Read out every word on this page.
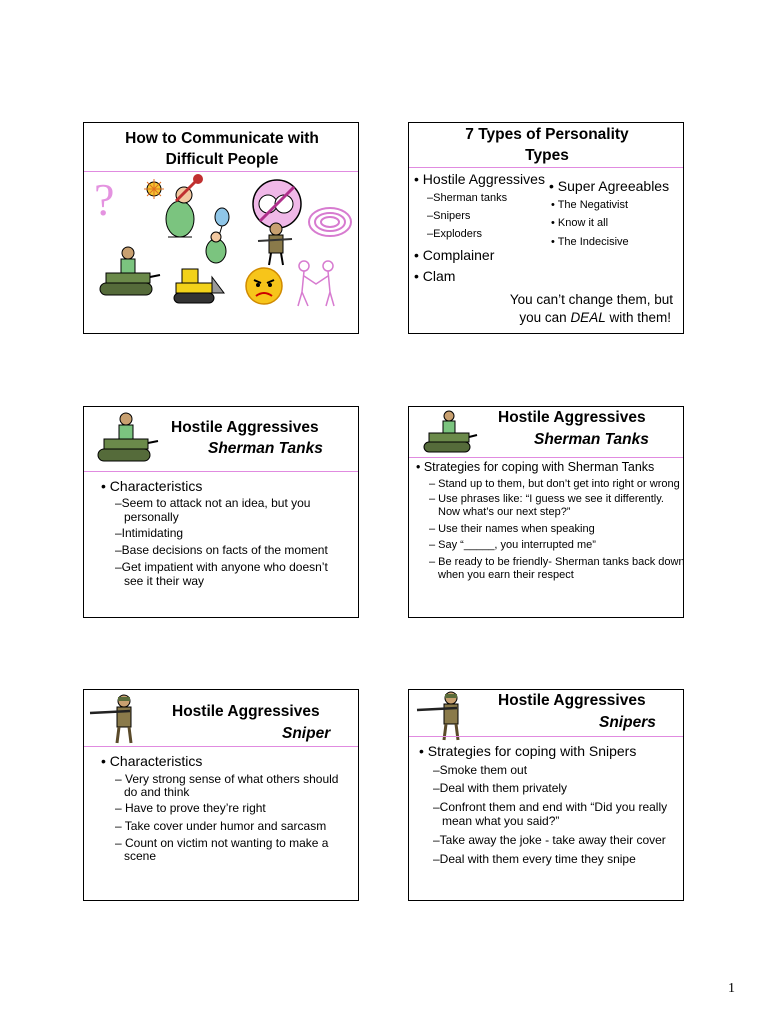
How to Communicate with
Difficult People
?
7 Types of Personality
Types
• Hostile Aggressives
–Sherman tanks
–Snipers
–Exploders
• Complainer
• Clam
• Super Agreeables
• The Negativist
• Know it all
• The Indecisive
You can’t change them, but
you can DEAL with them!
Hostile Aggressives
Sherman Tanks
• Characteristics
–Seem to attack not an idea, but you
personally
–Intimidating
–Base decisions on facts of the moment
–Get impatient with anyone who doesn’t
see it their way
Hostile Aggressives
Sherman Tanks
• Strategies for coping with Sherman Tanks
– Stand up to them, but don’t get into right or wrong
– Use phrases like: “I guess we see it differently.
Now what’s our next step?”
– Use their names when speaking
– Say “_____, you interrupted me”
– Be ready to be friendly- Sherman tanks back down
when you earn their respect
Hostile Aggressives
Sniper
• Characteristics
– Very strong sense of what others should
do and think
– Have to prove they’re right
– Take cover under humor and sarcasm
– Count on victim not wanting to make a
scene
Hostile Aggressives
Snipers
• Strategies for coping with Snipers
–Smoke them out
–Deal with them privately
–Confront them and end with “Did you really
mean what you said?”
–Take away the joke - take away their cover
–Deal with them every time they snipe
1
